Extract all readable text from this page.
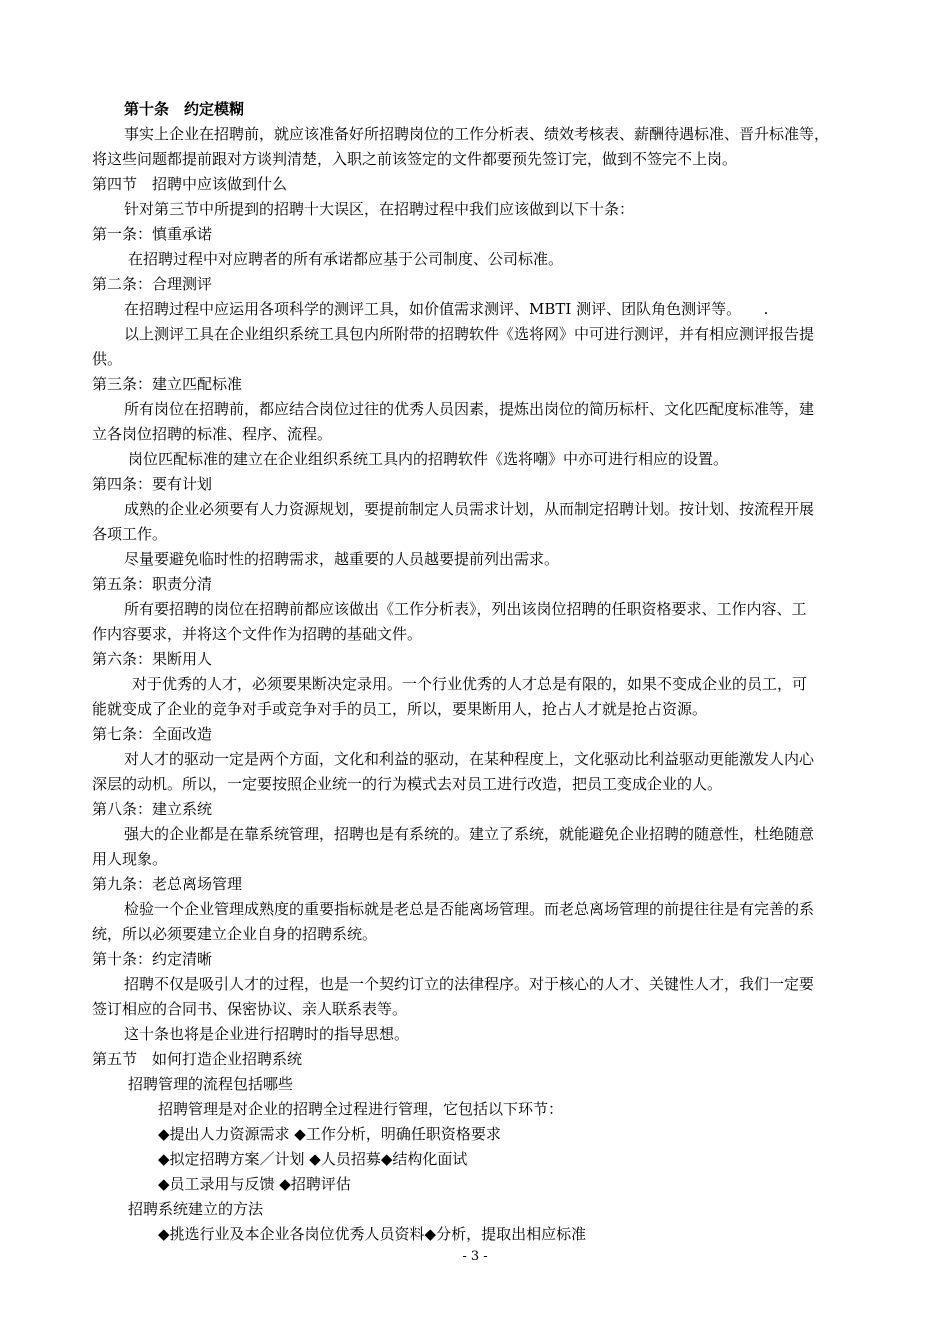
第十条　约定模糊
事实上企业在招聘前，就应该准备好所招聘岗位的工作分析表、绩效考核表、薪酬待遇标准、晋升标准等，
将这些问题都提前跟对方谈判清楚，入职之前该签定的文件都要预先签订完，做到不签完不上岗。
第四节　招聘中应该做到什么
针对第三节中所提到的招聘十大误区，在招聘过程中我们应该做到以下十条：
第一条：慎重承诺
在招聘过程中对应聘者的所有承诺都应基于公司制度、公司标准。
第二条：合理测评
在招聘过程中应运用各项科学的测评工具，如价值需求测评、MBTI 测评、团队角色测评等。　　.
以上测评工具在企业组织系统工具包内所附带的招聘软件《选将网》中可进行测评，并有相应测评报告提
供。
第三条：建立匹配标准
所有岗位在招聘前，都应结合岗位过往的优秀人员因素，提炼出岗位的简历标杆、文化匹配度标准等，建
立各岗位招聘的标准、程序、流程。
岗位匹配标准的建立在企业组织系统工具内的招聘软件《选将嘲》中亦可进行相应的设置。
第四条：要有计划
成熟的企业必须要有人力资源规划，要提前制定人员需求计划，从而制定招聘计划。按计划、按流程开展
各项工作。
尽量要避免临时性的招聘需求，越重要的人员越要提前列出需求。
第五条：职责分清
所有要招聘的岗位在招聘前都应该做出《工作分析表》，列出该岗位招聘的任职资格要求、工作内容、工
作内容要求，并将这个文件作为招聘的基础文件。
第六条：果断用人
对于优秀的人才，必须要果断决定录用。一个行业优秀的人才总是有限的，如果不变成企业的员工，可
能就变成了企业的竞争对手或竞争对手的员工，所以，要果断用人，抢占人才就是抢占资源。
第七条：全面改造
对人才的驱动一定是两个方面，文化和利益的驱动，在某种程度上，文化驱动比利益驱动更能激发人内心
深层的动机。所以，一定要按照企业统一的行为模式去对员工进行改造，把员工变成企业的人。
第八条：建立系统
强大的企业都是在靠系统管理，招聘也是有系统的。建立了系统，就能避免企业招聘的随意性，杜绝随意
用人现象。
第九条：老总离场管理
检验一个企业管理成熟度的重要指标就是老总是否能离场管理。而老总离场管理的前提往往是有完善的系
统，所以必须要建立企业自身的招聘系统。
第十条：约定清晰
招聘不仅是吸引人才的过程，也是一个契约订立的法律程序。对于核心的人才、关键性人才，我们一定要
签订相应的合同书、保密协议、亲人联系表等。
这十条也将是企业进行招聘时的指导思想。
第五节　如何打造企业招聘系统
招聘管理的流程包括哪些
招聘管理是对企业的招聘全过程进行管理，它包括以下环节：
◆提出人力资源需求 ◆工作分析，明确任职资格要求
◆拟定招聘方案／计划 ◆人员招募◆结构化面试
◆员工录用与反馈 ◆招聘评估
招聘系统建立的方法
◆挑选行业及本企业各岗位优秀人员资料◆分析，提取出相应标准
- 3 -
